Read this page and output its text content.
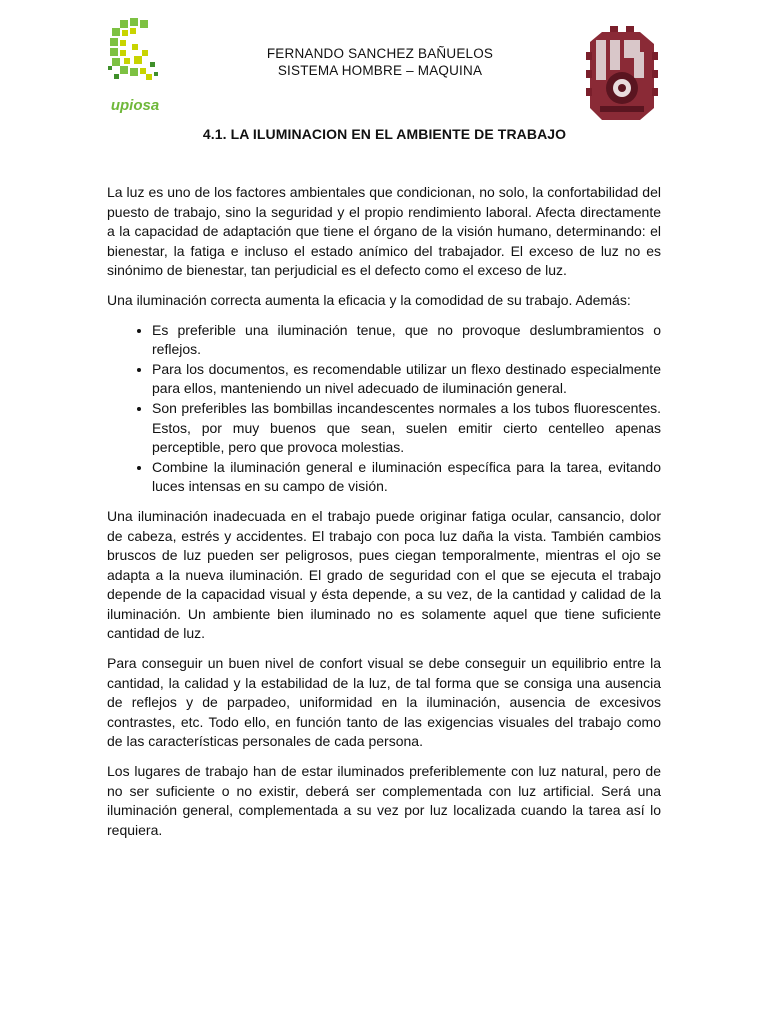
upiosa
FERNANDO SANCHEZ BAÑUELOS
SISTEMA HOMBRE – MAQUINA
4.1. LA ILUMINACION EN EL AMBIENTE DE TRABAJO

La luz es uno de los factores ambientales que condicionan, no solo, la confortabilidad del puesto de trabajo, sino la seguridad y el propio rendimiento laboral. Afecta directamente a la capacidad de adaptación que tiene el órgano de la visión humano, determinando: el bienestar, la fatiga e incluso el estado anímico del trabajador. El exceso de luz no es sinónimo de bienestar, tan perjudicial es el defecto como el exceso de luz.

Una iluminación correcta aumenta la eficacia y la comodidad de su trabajo. Además:

• Es preferible una iluminación tenue, que no provoque deslumbramientos o reflejos.
• Para los documentos, es recomendable utilizar un flexo destinado especialmente para ellos, manteniendo un nivel adecuado de iluminación general.
• Son preferibles las bombillas incandescentes normales a los tubos fluorescentes. Estos, por muy buenos que sean, suelen emitir cierto centelleo apenas perceptible, pero que provoca molestias.
• Combine la iluminación general e iluminación específica para la tarea, evitando luces intensas en su campo de visión.

Una iluminación inadecuada en el trabajo puede originar fatiga ocular, cansancio, dolor de cabeza, estrés y accidentes. El trabajo con poca luz daña la vista. También cambios bruscos de luz pueden ser peligrosos, pues ciegan temporalmente, mientras el ojo se adapta a la nueva iluminación. El grado de seguridad con el que se ejecuta el trabajo depende de la capacidad visual y ésta depende, a su vez, de la cantidad y calidad de la iluminación. Un ambiente bien iluminado no es solamente aquel que tiene suficiente cantidad de luz.

Para conseguir un buen nivel de confort visual se debe conseguir un equilibrio entre la cantidad, la calidad y la estabilidad de la luz, de tal forma que se consiga una ausencia de reflejos y de parpadeo, uniformidad en la iluminación, ausencia de excesivos contrastes, etc. Todo ello, en función tanto de las exigencias visuales del trabajo como de las características personales de cada persona.

Los lugares de trabajo han de estar iluminados preferiblemente con luz natural, pero de no ser suficiente o no existir, deberá ser complementada con luz artificial. Será una iluminación general, complementada a su vez por luz localizada cuando la tarea así lo requiera.
